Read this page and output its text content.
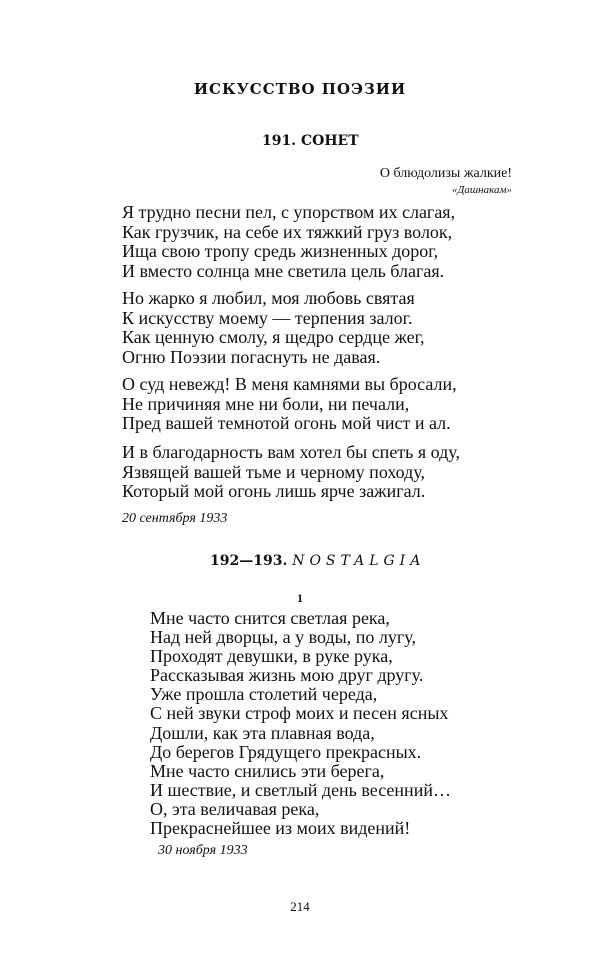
ИСКУССТВО ПОЭЗИИ
191. СОНЕТ
О блюдолизы жалкие!
«Дашнакам»
Я трудно песни пел, с упорством их слагая,
Как грузчик, на себе их тяжкий груз волок,
Ища свою тропу средь жизненных дорог,
И вместо солнца мне светила цель благая.
Но жарко я любил, моя любовь святая
К искусству моему — терпения залог.
Как ценную смолу, я щедро сердце жег,
Огню Поэзии погаснуть не давая.
О суд невежд! В меня камнями вы бросали,
Не причиняя мне ни боли, ни печали,
Пред вашей темнотой огонь мой чист и ал.
И в благодарность вам хотел бы спеть я оду,
Язвящей вашей тьме и черному походу,
Который мой огонь лишь ярче зажигал.
20 сентября 1933
192—193. NOSTALGIA
1
Мне часто снится светлая река,
Над ней дворцы, а у воды, по лугу,
Проходят девушки, в руке рука,
Рассказывая жизнь мою друг другу.
Уже прошла столетий череда,
С ней звуки строф моих и песен ясных
Дошли, как эта плавная вода,
До берегов Грядущего прекрасных.
Мне часто снились эти берега,
И шествие, и светлый день весенний…
О, эта величавая река,
Прекраснейшее из моих видений!
30 ноября 1933
214
